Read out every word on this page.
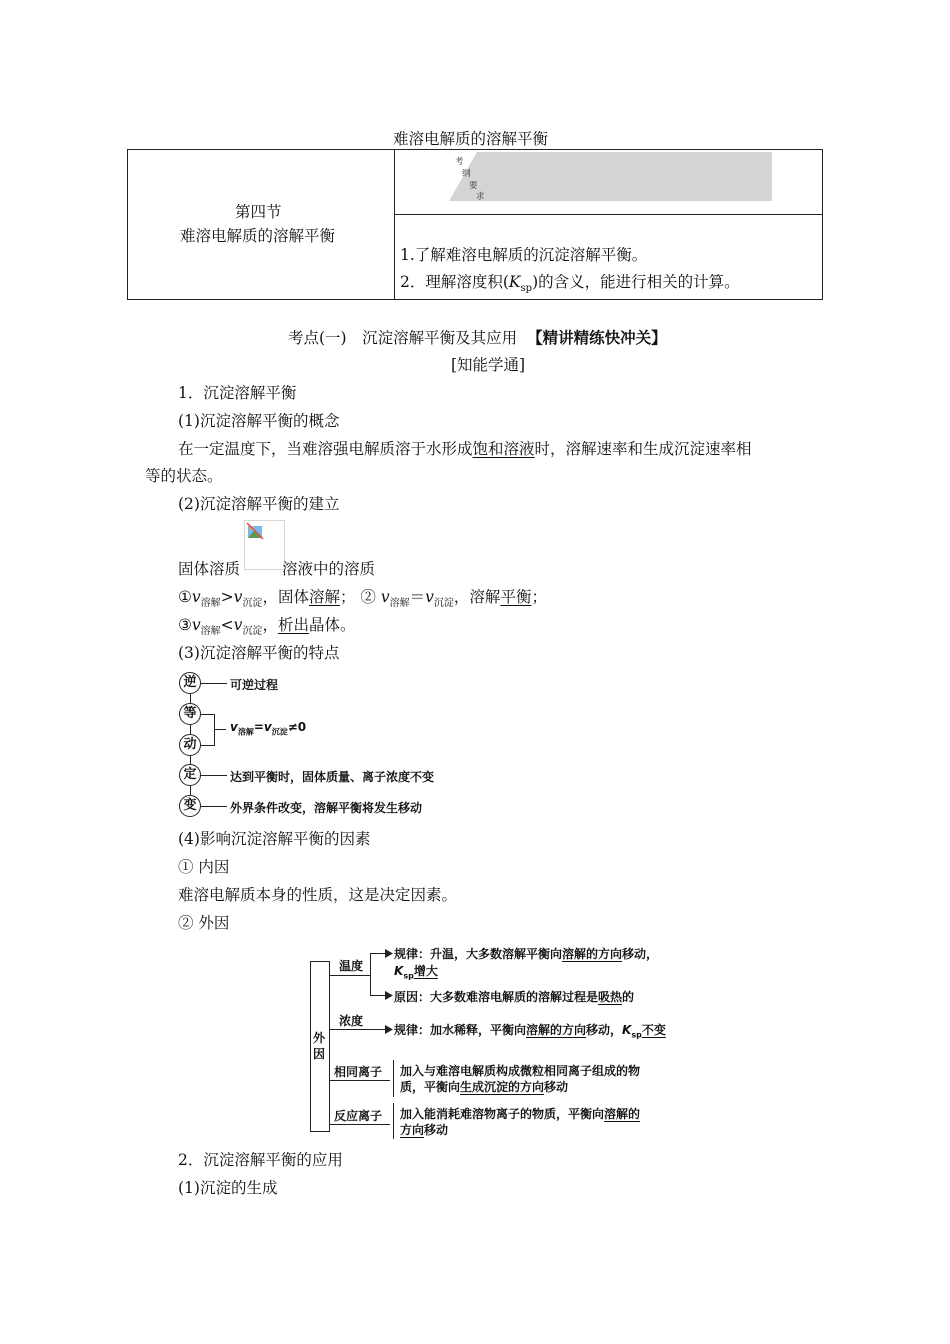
难溶电解质的溶解平衡
第四节
难溶电解质的溶解平衡
考
纲
要
求
1.了解难溶电解质的沉淀溶解平衡。
2．理解溶度积$(K_{sp})$的含义，能进行相关的计算。
考点(一)　沉淀溶解平衡及其应用 【精讲精练快冲关】
[知能学通]
1．沉淀溶解平衡
(1)沉淀溶解平衡的概念
在一定温度下，当难溶强电解质溶于水形成饱和溶液时，溶解速率和生成沉淀速率相
等的状态。
(2)沉淀溶解平衡的建立
固体溶质	溶液中的溶质
$①v_{溶解}>v_{沉淀}$，固体溶解； ② $v_{溶解}=v_{沉淀}$，溶解平衡；
$③v_{溶解}<v_{沉淀}$，析出晶体。
(3)沉淀溶解平衡的特点
逆	可逆过程
等
动
$v_{溶解}=v_{沉淀}\ne 0$
定	达到平衡时，固体质量、离子浓度不变
变	外界条件改变，溶解平衡将发生移动
(4)影响沉淀溶解平衡的因素
① 内因
难溶电解质本身的性质，这是决定因素。
② 外因
外因
温度
规律：升温，大多数溶解平衡向溶解的方向移动，
$K_{sp}$增大
原因：大多数难溶电解质的溶解过程是吸热的
浓度
规律：加水稀释，平衡向溶解的方向移动，$K_{sp}$不变
相同离子 加入与难溶电解质构成微粒相同离子组成的物
质，平衡向生成沉淀的方向移动
反应离子 加入能消耗难溶物离子的物质，平衡向溶解的
方向移动
2．沉淀溶解平衡的应用
(1)沉淀的生成
